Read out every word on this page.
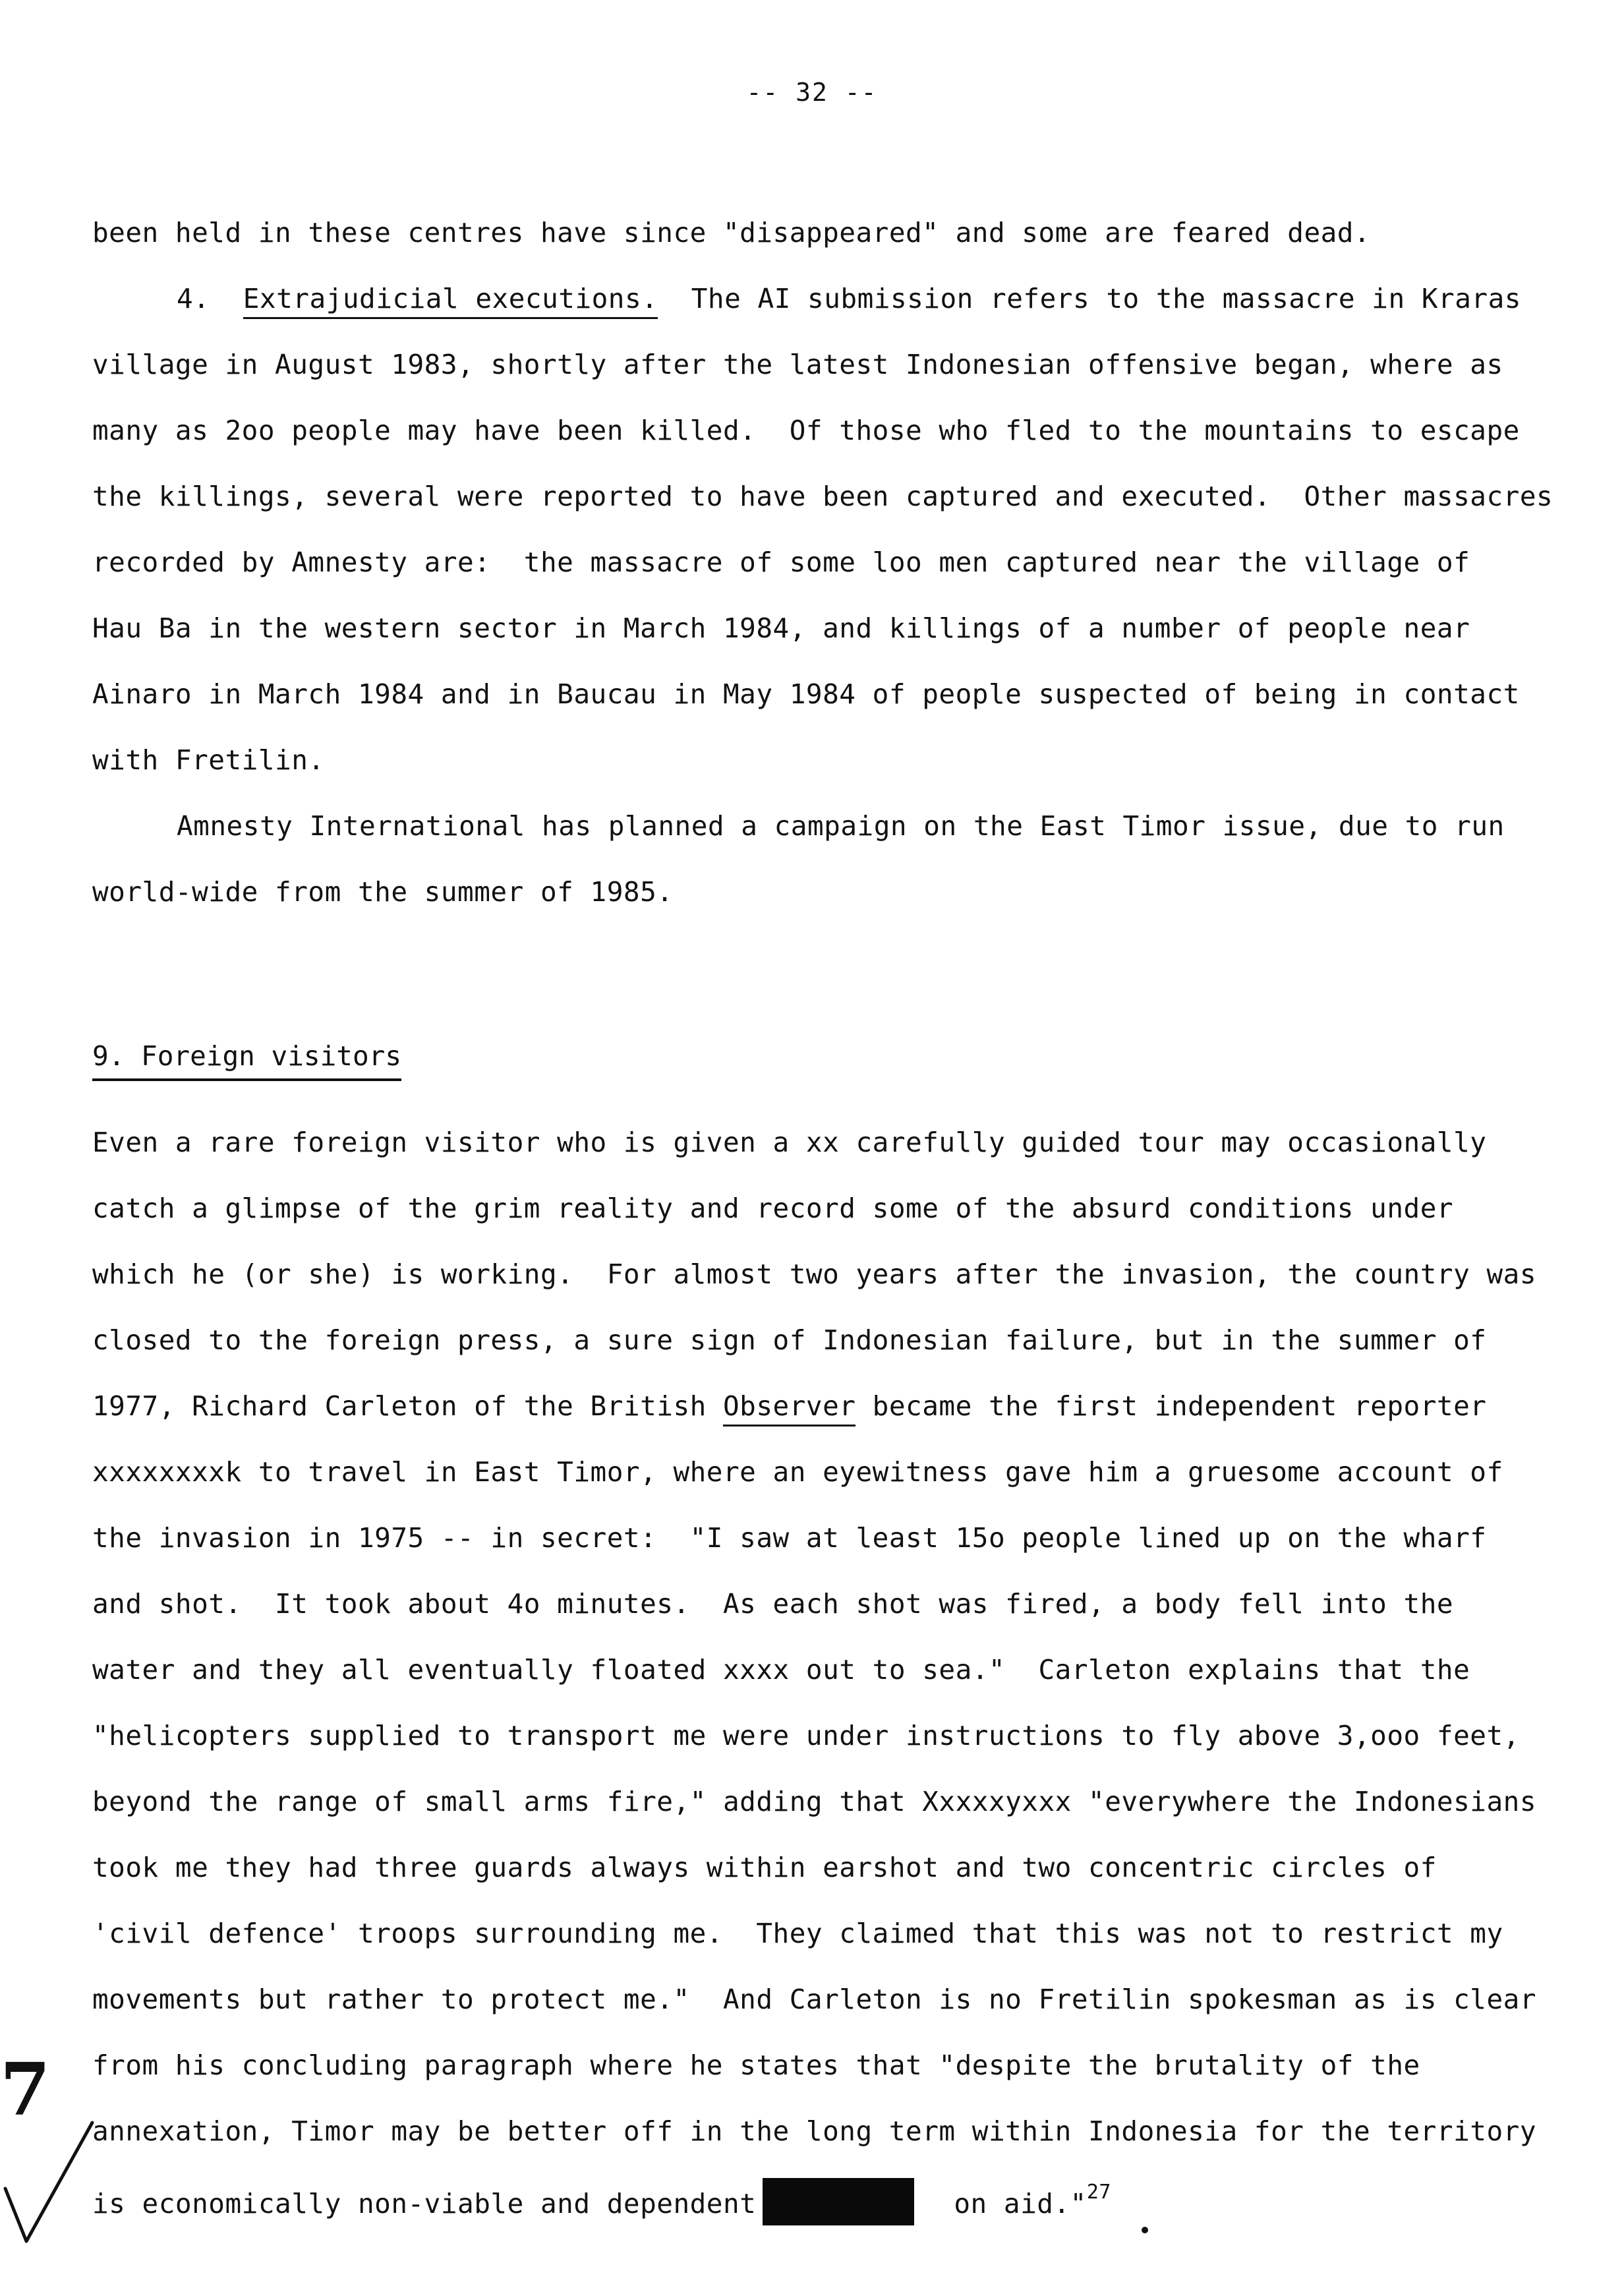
-- 32 --
been held in these centres have since "disappeared" and some are feared dead.
4. Extrajudicial executions. The AI submission refers to the massacre in Kraras
village in August 1983, shortly after the latest Indonesian offensive began, where as
many as 2oo people may have been killed.  Of those who fled to the mountains to escape
the killings, several were reported to have been captured and executed.  Other massacres
recorded by Amnesty are:  the massacre of some loo men captured near the village of
Hau Ba in the western sector in March 1984, and killings of a number of people near
Ainaro in March 1984 and in Baucau in May 1984 of people suspected of being in contact
with Fretilin.
Amnesty International has planned a campaign on the East Timor issue, due to run
world-wide from the summer of 1985.
9. Foreign visitors
Even a rare foreign visitor who is given a xx carefully guided tour may occasionally
catch a glimpse of the grim reality and record some of the absurd conditions under
which he (or she) is working.  For almost two years after the invasion, the country was
closed to the foreign press, a sure sign of Indonesian failure, but in the summer of
1977, Richard Carleton of the British Observer became the first independent reporter
xxxxxxxxk to travel in East Timor, where an eyewitness gave him a gruesome account of
the invasion in 1975 -- in secret:  "I saw at least 15o people lined up on the wharf
and shot.  It took about 4o minutes.  As each shot was fired, a body fell into the
water and they all eventually floated xxxx out to sea."  Carleton explains that the
"helicopters supplied to transport me were under instructions to fly above 3,ooo feet,
beyond the range of small arms fire," adding that Xxxxxyxxx "everywhere the Indonesians
took me they had three guards always within earshot and two concentric circles of
'civil defence' troops surrounding me.  They claimed that this was not to restrict my
movements but rather to protect me."  And Carleton is no Fretilin spokesman as is clear
from his concluding paragraph where he states that "despite the brutality of the
annexation, Timor may be better off in the long term within Indonesia for the territory
is economically non-viable and dependent	on aid."$^{27}$
7
